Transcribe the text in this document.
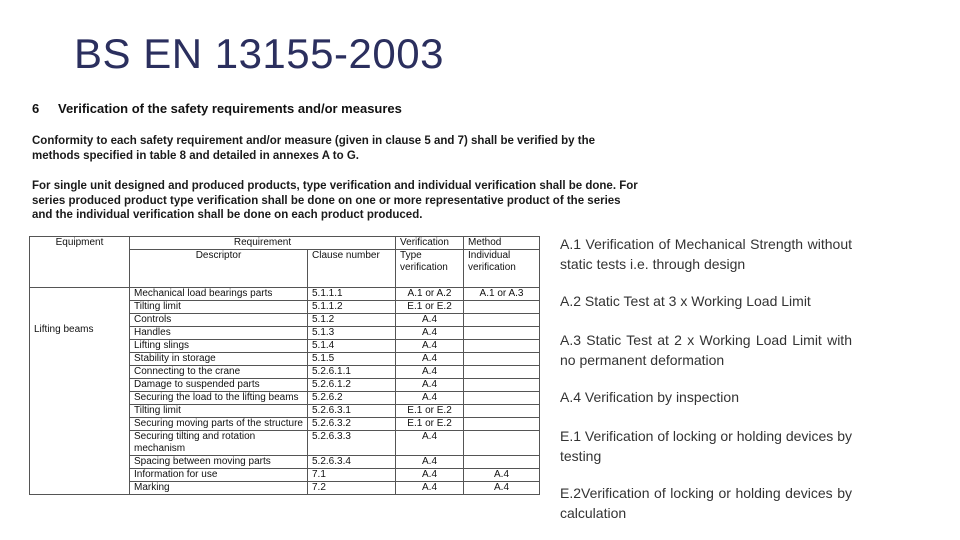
BS EN 13155-2003
6 Verification of the safety requirements and/or measures

Conformity to each safety requirement and/or measure (given in clause 5 and 7) shall be verified by the
methods specified in table 8 and detailed in annexes A to G.

For single unit designed and produced products, type verification and individual verification shall be done. For
series produced product type verification shall be done on one or more representative product of the series
and the individual verification shall be done on each product produced.

Equipment	Requirement		Verification	Method
	Descriptor	Clause number	Type verification	Individual verification
Lifting beams	Mechanical load bearings parts	5.1.1.1	A.1 or A.2	A.1 or A.3
	Tilting limit	5.1.1.2	E.1 or E.2	
	Controls	5.1.2	A.4	
	Handles	5.1.3	A.4	
	Lifting slings	5.1.4	A.4	
	Stability in storage	5.1.5	A.4	
	Connecting to the crane	5.2.6.1.1	A.4	
	Damage to suspended parts	5.2.6.1.2	A.4	
	Securing the load to the lifting beams	5.2.6.2	A.4	
	Tilting limit	5.2.6.3.1	E.1 or E.2	
	Securing moving parts of the structure	5.2.6.3.2	E.1 or E.2	
	Securing tilting and rotation mechanism	5.2.6.3.3	A.4	
	Spacing between moving parts	5.2.6.3.4	A.4	
	Information for use	7.1	A.4	A.4
	Marking	7.2	A.4	A.4

A.1 Verification of Mechanical Strength without static tests i.e. through design

A.2 Static Test at 3 x Working Load Limit

A.3 Static Test at 2 x Working Load Limit with no permanent deformation

A.4 Verification by inspection

E.1 Verification of locking or holding devices by testing

E.2Verification of locking or holding devices by calculation
